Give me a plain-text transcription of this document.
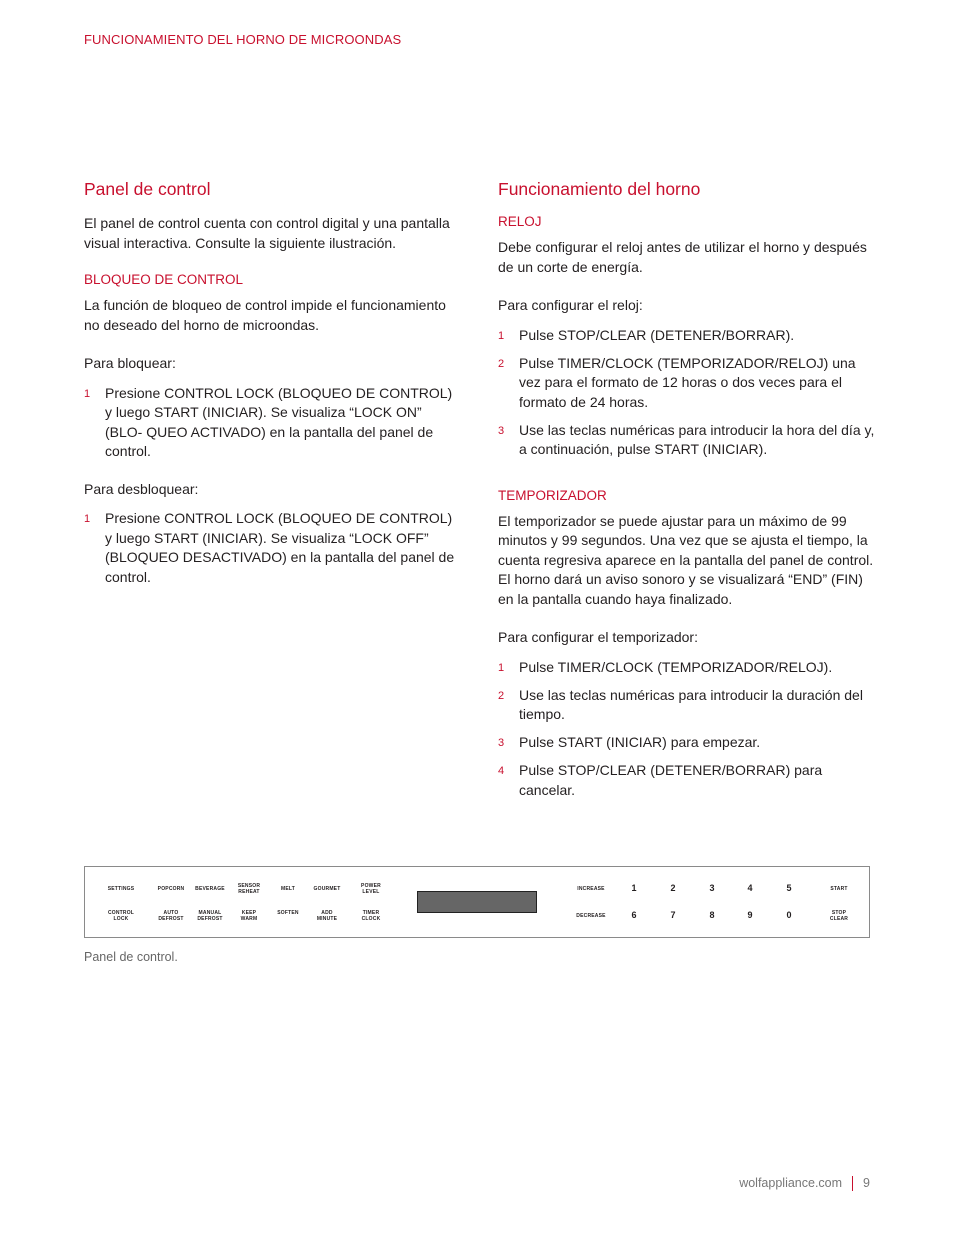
FUNCIONAMIENTO DEL HORNO DE MICROONDAS
Panel de control

El panel de control cuenta con control digital y una pantalla visual interactiva. Consulte la siguiente ilustración.

BLOQUEO DE CONTROL

La función de bloqueo de control impide el funcionamiento no deseado del horno de microondas.

Para bloquear:

1 Presione CONTROL LOCK (BLOQUEO DE CONTROL) y luego START (INICIAR). Se visualiza “LOCK ON” (BLO- QUEO ACTIVADO) en la pantalla del panel de control.

Para desbloquear:

1 Presione CONTROL LOCK (BLOQUEO DE CONTROL) y luego START (INICIAR). Se visualiza “LOCK OFF” (BLOQUEO DESACTIVADO) en la pantalla del panel de control.
Funcionamiento del horno
RELOJ

Debe configurar el reloj antes de utilizar el horno y después de un corte de energía.

Para configurar el reloj:

1 Pulse STOP/CLEAR (DETENER/BORRAR).
2 Pulse TIMER/CLOCK (TEMPORIZADOR/RELOJ) una vez para el formato de 12 horas o dos veces para el formato de 24 horas.
3 Use las teclas numéricas para introducir la hora del día y, a continuación, pulse START (INICIAR).
TEMPORIZADOR

El temporizador se puede ajustar para un máximo de 99 minutos y 99 segundos. Una vez que se ajusta el tiempo, la cuenta regresiva aparece en la pantalla del panel de control. El horno dará un aviso sonoro y se visualizará “END” (FIN) en la pantalla cuando haya finalizado.

Para configurar el temporizador:

1 Pulse TIMER/CLOCK (TEMPORIZADOR/RELOJ).
2 Use las teclas numéricas para introducir la duración del tiempo.
3 Pulse START (INICIAR) para empezar.
4 Pulse STOP/CLEAR (DETENER/BORRAR) para cancelar.
SETTINGS
CONTROL
LOCK
POPCORN
AUTO
DEFROST
BEVERAGE
MANUAL
DEFROST
SENSOR
REHEAT
KEEP
WARM
MELT
SOFTEN
GOURMET
ADD
MINUTE
POWER
LEVEL
TIMER
CLOCK
INCREASE
DECREASE
1
6
2
7
3
8
4
9
5
0
START
STOP
CLEAR
Panel de control.
wolfappliance.com 9
